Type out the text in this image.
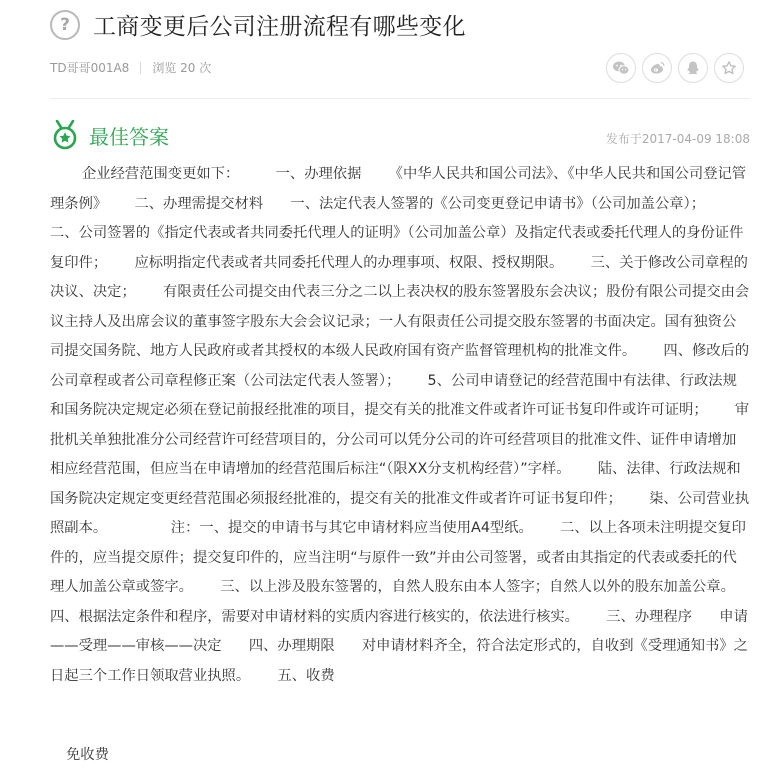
?	工商变更后公司注册流程有哪些变化
TD哥哥001A8 浏览 20 次
最佳答案	发布于2017-04-09 18:08
企业经营范围变更如下：        一、办理依据      《中华人民共和国公司法》、《中华人民共和国公司登记管理条例》      二、办理需提交材料      一、法定代表人签署的《公司变更登记申请书》（公司加盖公章）；      二、公司签署的《指定代表或者共同委托代理人的证明》（公司加盖公章）及指定代表或委托代理人的身份证件复印件；      应标明指定代表或者共同委托代理人的办理事项、权限、授权期限。      三、关于修改公司章程的决议、决定；      有限责任公司提交由代表三分之二以上表决权的股东签署股东会决议；股份有限公司提交由会议主持人及出席会议的董事签字股东大会会议记录；一人有限责任公司提交股东签署的书面决定。国有独资公司提交国务院、地方人民政府或者其授权的本级人民政府国有资产监督管理机构的批准文件。      四、修改后的公司章程或者公司章程修正案（公司法定代表人签署）；      5、公司申请登记的经营范围中有法律、行政法规和国务院决定规定必须在登记前报经批准的项目，提交有关的批准文件或者许可证书复印件或许可证明；      审批机关单独批准分公司经营许可经营项目的，分公司可以凭分公司的许可经营项目的批准文件、证件申请增加相应经营范围，但应当在申请增加的经营范围后标注“（限XX分支机构经营）”字样。      陆、法律、行政法规和国务院决定规定变更经营范围必须报经批准的，提交有关的批准文件或者许可证书复印件；      柒、公司营业执照副本。              注：一、提交的申请书与其它申请材料应当使用A4型纸。      二、以上各项未注明提交复印件的，应当提交原件；提交复印件的，应当注明“与原件一致”并由公司签署，或者由其指定的代表或委托的代理人加盖公章或签字。      三、以上涉及股东签署的，自然人股东由本人签字；自然人以外的股东加盖公章。      四、根据法定条件和程序，需要对申请材料的实质内容进行核实的，依法进行核实。      三、办理程序      申请——受理——审核——决定      四、办理期限      对申请材料齐全，符合法定形式的，自收到《受理通知书》之日起三个工作日领取营业执照。      五、收费
免收费
